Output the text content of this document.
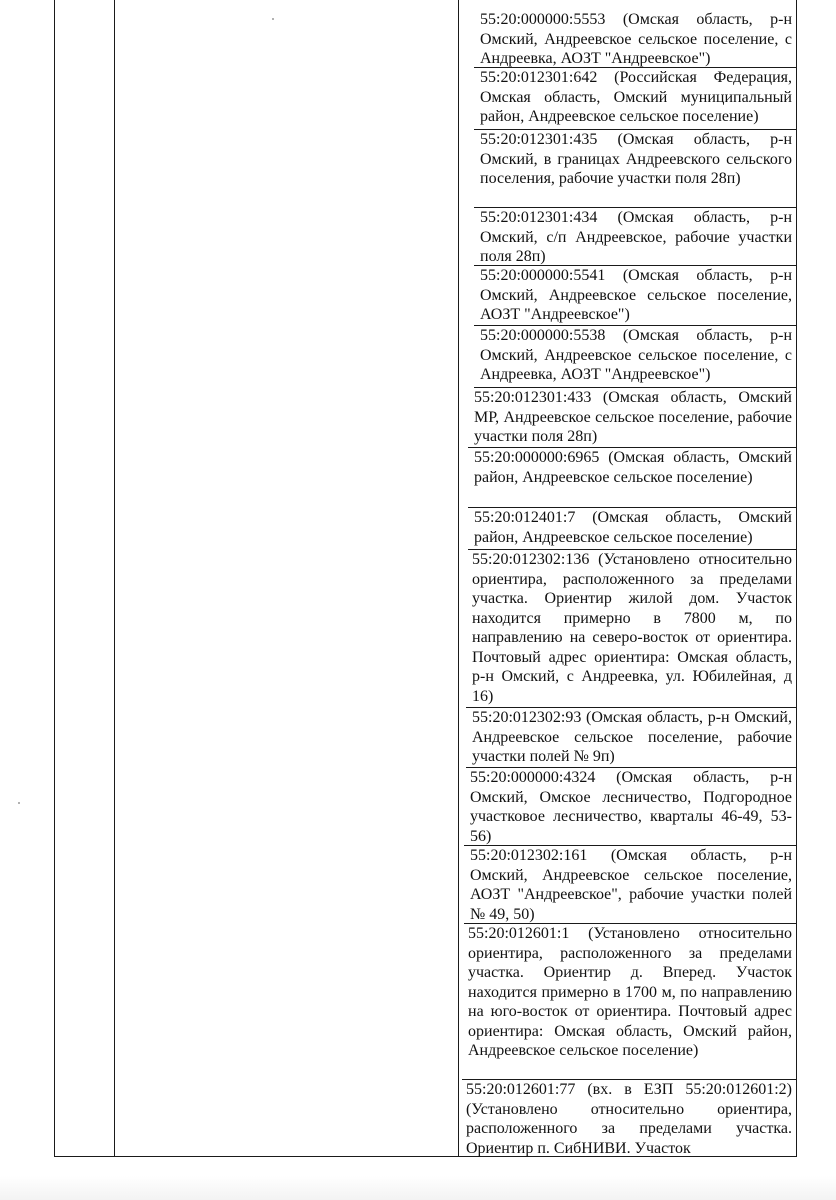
55:20:000000:5553 (Омская область, р-н Омский, Андреевское сельское поселение, с Андреевка, АОЗТ "Андреевское")

55:20:012301:642 (Российская Федерация, Омская область, Омский муниципальный район, Андреевское сельское поселение)

55:20:012301:435 (Омская область, р-н Омский, в границах Андреевского сельского поселения, рабочие участки поля 28п)

55:20:012301:434 (Омская область, р-н Омский, с/п Андреевское, рабочие участки поля 28п)

55:20:000000:5541 (Омская область, р-н Омский, Андреевское сельское поселение, АОЗТ "Андреевское")

55:20:000000:5538 (Омская область, р-н Омский, Андреевское сельское поселение, с Андреевка, АОЗТ "Андреевское")

55:20:012301:433 (Омская область, Омский МР, Андреевское сельское поселение, рабочие участки поля 28п)

55:20:000000:6965 (Омская область, Омский район, Андреевское сельское поселение)

55:20:012401:7 (Омская область, Омский район, Андреевское сельское поселение)

55:20:012302:136 (Установлено относительно ориентира, расположенного за пределами участка. Ориентир жилой дом. Участок находится примерно в 7800 м, по направлению на северо-восток от ориентира. Почтовый адрес ориентира: Омская область, р-н Омский, с Андреевка, ул. Юбилейная, д 16)

55:20:012302:93 (Омская область, р-н Омский, Андреевское сельское поселение, рабочие участки полей № 9п)

55:20:000000:4324 (Омская область, р-н Омский, Омское лесничество, Подгородное участковое лесничество, кварталы 46-49, 53-56)

55:20:012302:161 (Омская область, р-н Омский, Андреевское сельское поселение, АОЗТ "Андреевское", рабочие участки полей № 49, 50)

55:20:012601:1 (Установлено относительно ориентира, расположенного за пределами участка. Ориентир д. Вперед. Участок находится примерно в 1700 м, по направлению на юго-восток от ориентира. Почтовый адрес ориентира: Омская область, Омский район, Андреевское сельское поселение)

55:20:012601:77 (вх. в ЕЗП 55:20:012601:2) (Установлено относительно ориентира, расположенного за пределами участка. Ориентир п. СибНИВИ. Участок
